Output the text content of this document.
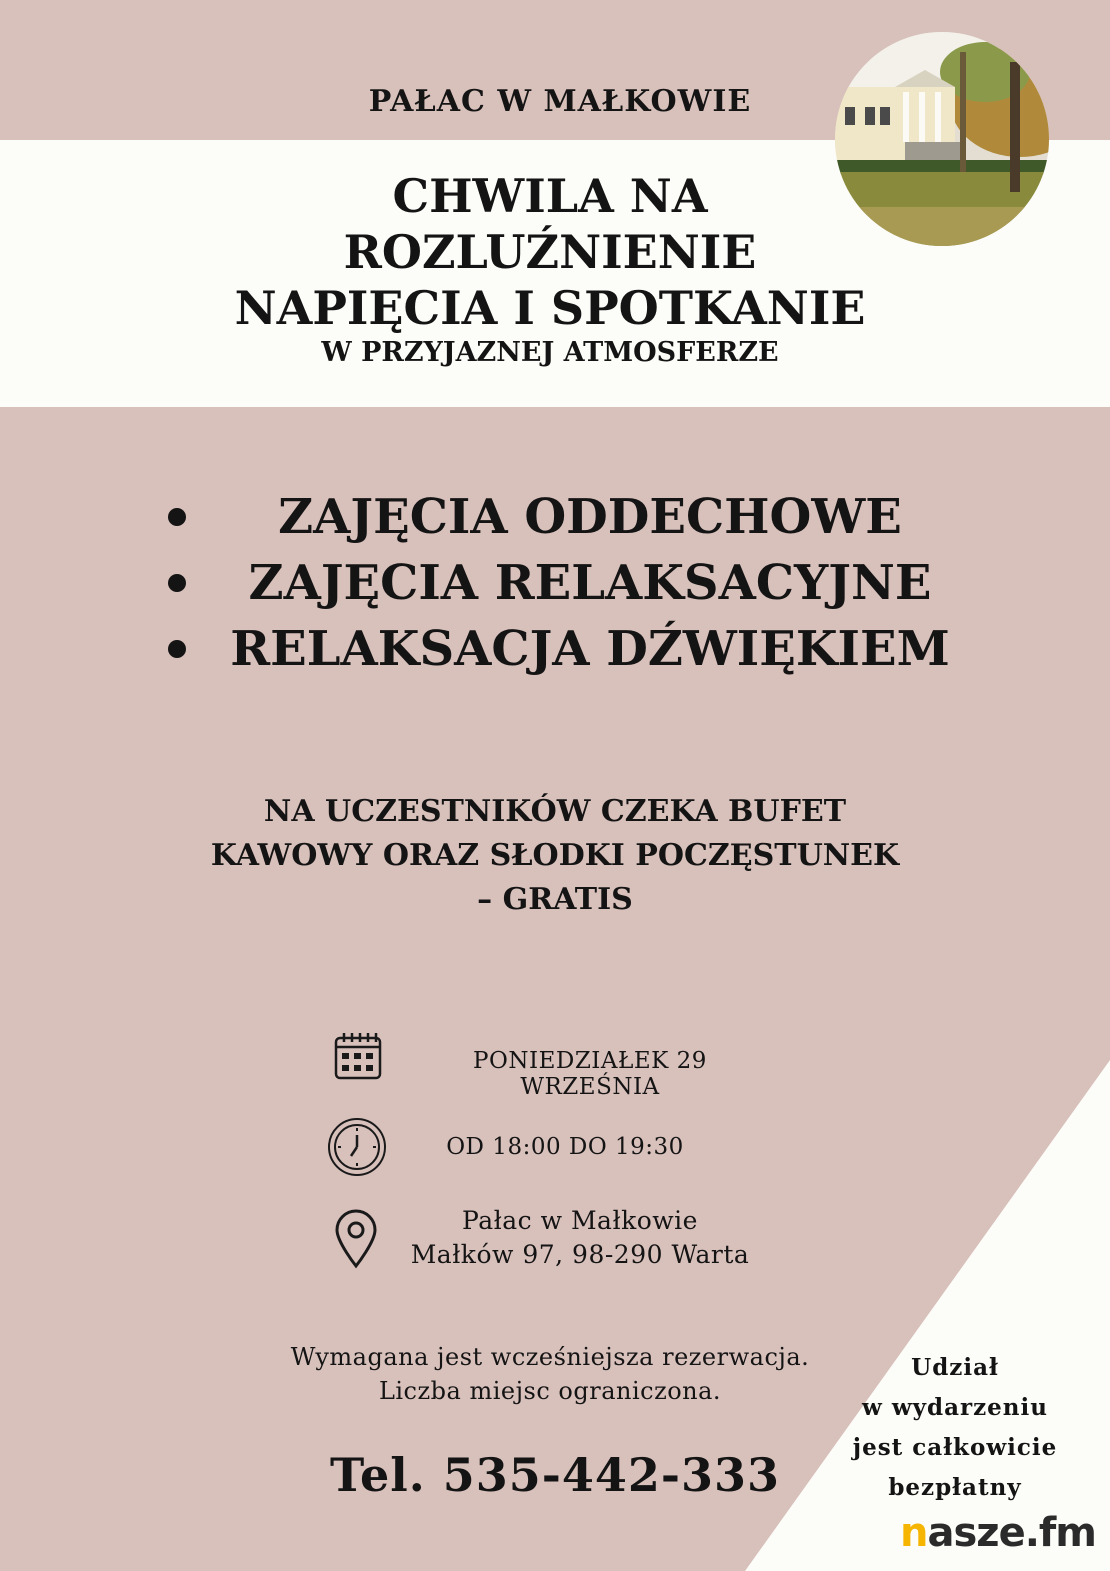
PAŁAC W MAŁKOWIE
CHWILA NA
ROZLUŹNIENIE
NAPIĘCIA I SPOTKANIE
W PRZYJAZNEJ ATMOSFERZE
ZAJĘCIA ODDECHOWE
ZAJĘCIA RELAKSACYJNE
RELAKSACJA DŹWIĘKIEM
NA UCZESTNIKÓW CZEKA BUFET
KAWOWY ORAZ SŁODKI POCZĘSTUNEK
– GRATIS
PONIEDZIAŁEK 29 WRZEŚNIA
OD 18:00 DO 19:30
Pałac w Małkowie
Małków 97, 98-290 Warta
Wymagana jest wcześniejsza rezerwacja.
Liczba miejsc ograniczona.
Tel. 535-442-333
Udział
w wydarzeniu
jest całkowicie
bezpłatny
nasze.fm
